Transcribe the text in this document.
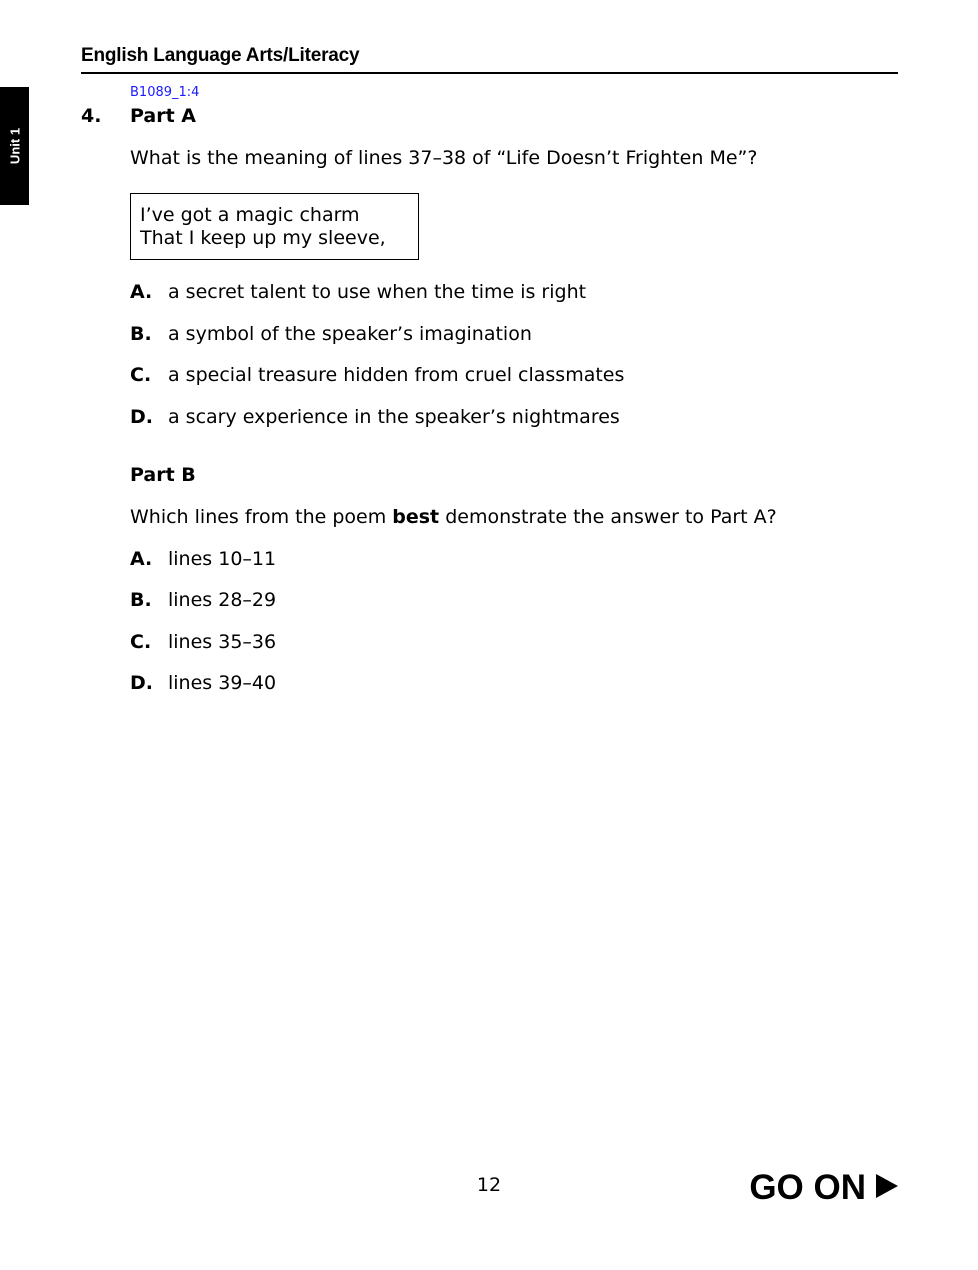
English Language Arts/Literacy
Unit 1
B1089_1:4
4. Part A
What is the meaning of lines 37–38 of “Life Doesn’t Frighten Me”?
I’ve got a magic charm
That I keep up my sleeve,
A. a secret talent to use when the time is right
B. a symbol of the speaker’s imagination
C. a special treasure hidden from cruel classmates
D. a scary experience in the speaker’s nightmares
Part B
Which lines from the poem best demonstrate the answer to Part A?
A. lines 10–11
B. lines 28–29
C. lines 35–36
D. lines 39–40
12	GO ON
